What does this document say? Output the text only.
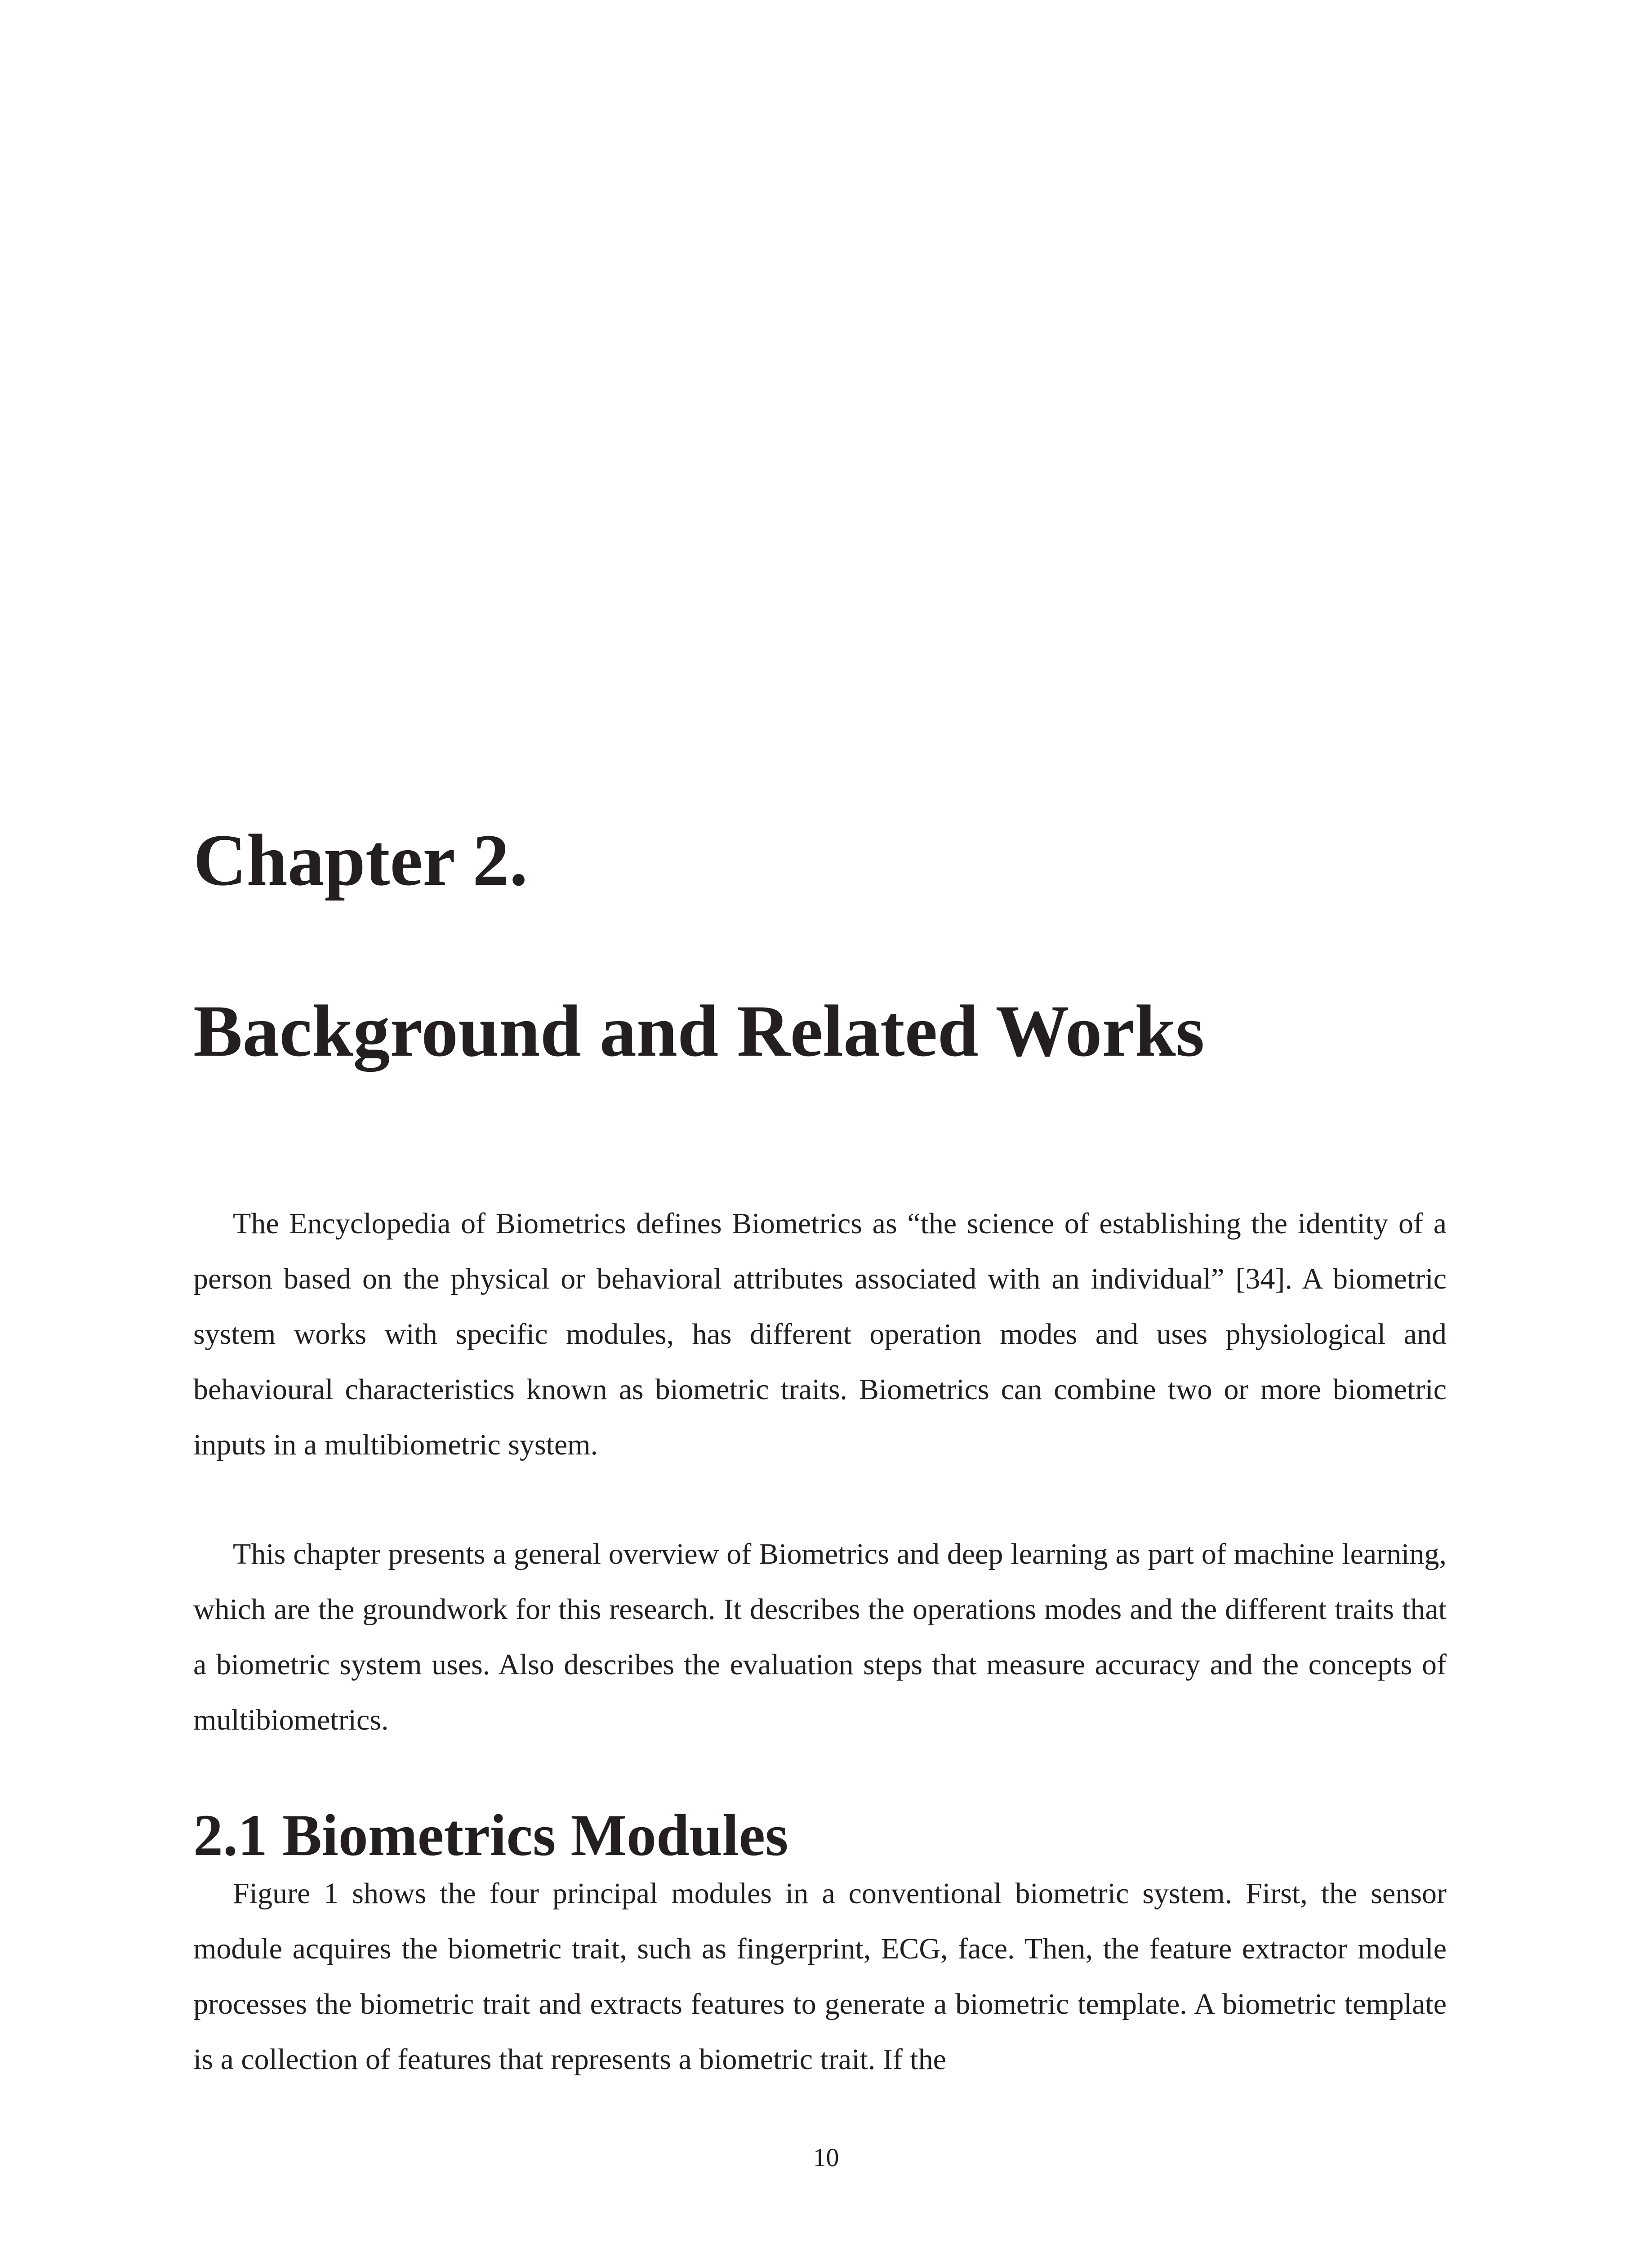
Chapter 2.
Background and Related Works

The Encyclopedia of Biometrics defines Biometrics as “the science of establishing the identity of a person based on the physical or behavioral attributes associated with an individual” [34]. A biometric system works with specific modules, has different operation modes and uses physiological and behavioural characteristics known as biometric traits. Biometrics can combine two or more biometric inputs in a multibiometric system.

This chapter presents a general overview of Biometrics and deep learning as part of machine learning, which are the groundwork for this research. It describes the operations modes and the different traits that a biometric system uses. Also describes the evaluation steps that measure accuracy and the concepts of multibiometrics.

2.1 Biometrics Modules

Figure 1 shows the four principal modules in a conventional biometric system. First, the sensor module acquires the biometric trait, such as fingerprint, ECG, face. Then, the feature extractor module processes the biometric trait and extracts features to generate a biometric template. A biometric template is a collection of features that represents a biometric trait. If the

10
